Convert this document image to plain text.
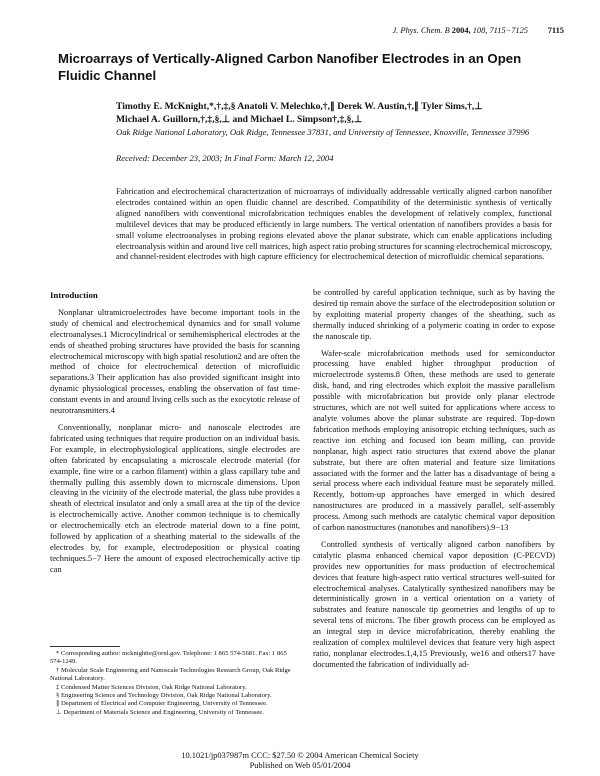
J. Phys. Chem. B 2004, 108, 7115−7125 7115
Microarrays of Vertically-Aligned Carbon Nanofiber Electrodes in an Open Fluidic Channel
Timothy E. McKnight,*,†,‡,§ Anatoli V. Melechko,†,∥ Derek W. Austin,†,∥ Tyler Sims,†,⊥
Michael A. Guillorn,†,‡,§,⊥ and Michael L. Simpson†,‡,§,⊥
Oak Ridge National Laboratory, Oak Ridge, Tennessee 37831, and University of Tennessee, Knoxville, Tennessee 37996
Received: December 23, 2003; In Final Form: March 12, 2004

Fabrication and electrochemical characterization of microarrays of individually addressable vertically aligned carbon nanofiber electrodes contained within an open fluidic channel are described. Compatibility of the deterministic synthesis of vertically aligned nanofibers with conventional microfabrication techniques enables the development of relatively complex, functional multilevel devices that may be produced efficiently in large numbers. The vertical orientation of nanofibers provides a basis for small volume electroanalyses in probing regions elevated above the planar substrate, which can enable applications including electroanalysis within and around live cell matrices, high aspect ratio probing structures for scanning electrochemical microscopy, and channel-resident electrodes with high capture efficiency for electrochemical detection of microfluidic chemical separations.

Introduction

Nonplanar ultramicroelectrodes have become important tools in the study of chemical and electrochemical dynamics and for small volume electroanalyses.1 Microcylindrical or semihemispherical electrodes at the ends of sheathed probing structures have provided the basis for scanning electrochemical microscopy with high spatial resolution2 and are often the method of choice for electrochemical detection of microfluidic separations.3 Their application has also provided significant insight into dynamic physiological processes, enabling the observation of fast time-constant events in and around living cells such as the exocytotic release of neurotransmitters.4

Conventionally, nonplanar micro- and nanoscale electrodes are fabricated using techniques that require production on an individual basis. For example, in electrophysiological applications, single electrodes are often fabricated by encapsulating a microscale electrode material (for example, fine wire or a carbon filament) within a glass capillary tube and thermally pulling this assembly down to microscale dimensions. Upon cleaving in the vicinity of the electrode material, the glass tube provides a sheath of electrical insulator and only a small area at the tip of the device is electrochemically active. Another common technique is to chemically or electrochemically etch an electrode material down to a fine point, followed by application of a sheathing material to the sidewalls of the electrodes by, for example, electrodeposition or physical coating techniques.5−7 Here the amount of exposed electrochemically active tip can

be controlled by careful application technique, such as by having the desired tip remain above the surface of the electrodeposition solution or by exploiting material property changes of the sheathing, such as thermally induced shrinking of a polymeric coating in order to expose the nanoscale tip.

Wafer-scale microfabrication methods used for semiconductor processing have enabled higher throughput production of microelectrode systems.8 Often, these methods are used to generate disk, band, and ring electrodes which exploit the massive parallelism possible with microfabrication but provide only planar electrode structures, which are not well suited for applications where access to analyte volumes above the planar substrate are required. Top-down fabrication methods employing anisotropic etching techniques, such as reactive ion etching and focused ion beam milling, can provide nonplanar, high aspect ratio structures that extend above the planar substrate, but there are often material and feature size limitations associated with the former and the latter has a disadvantage of being a serial process where each individual feature must be separately milled. Recently, bottom-up approaches have emerged in which desired nanostructures are produced in a massively parallel, self-assembly process. Among such methods are catalytic chemical vapor deposition of carbon nanostructures (nanotubes and nanofibers).9−13

Controlled synthesis of vertically aligned carbon nanofibers by catalytic plasma enhanced chemical vapor deposition (C-PECVD) provides new opportunities for mass production of electrochemical devices that feature high-aspect ratio vertical structures well-suited for electrochemical analyses. Catalytically synthesized nanofibers may be deterministically grown in a vertical orientation on a variety of substrates and feature nanoscale tip geometries and lengths of up to several tens of microns. The fiber growth process can be employed as an integral step in device microfabrication, thereby enabling the realization of complex multilevel devices that feature very high aspect ratio, nonplanar electrodes.1,4,15 Previously, we16 and others17 have documented the fabrication of individually ad-

* Corresponding author: mcknightte@ornl.gov. Telephone: 1 865 574-5681. Fax: 1 865 574-1249.
† Molecular Scale Engineering and Nanoscale Technologies Research Group, Oak Ridge National Laboratory.
‡ Condensed Matter Sciences Division, Oak Ridge National Laboratory.
§ Engineering Science and Technology Division, Oak Ridge National Laboratory.
∥ Department of Electrical and Computer Engineering, University of Tennessee.
⊥ Department of Materials Science and Engineering, University of Tennessee.
10.1021/jp037987m CCC: $27.50 © 2004 American Chemical Society
Published on Web 05/01/2004
